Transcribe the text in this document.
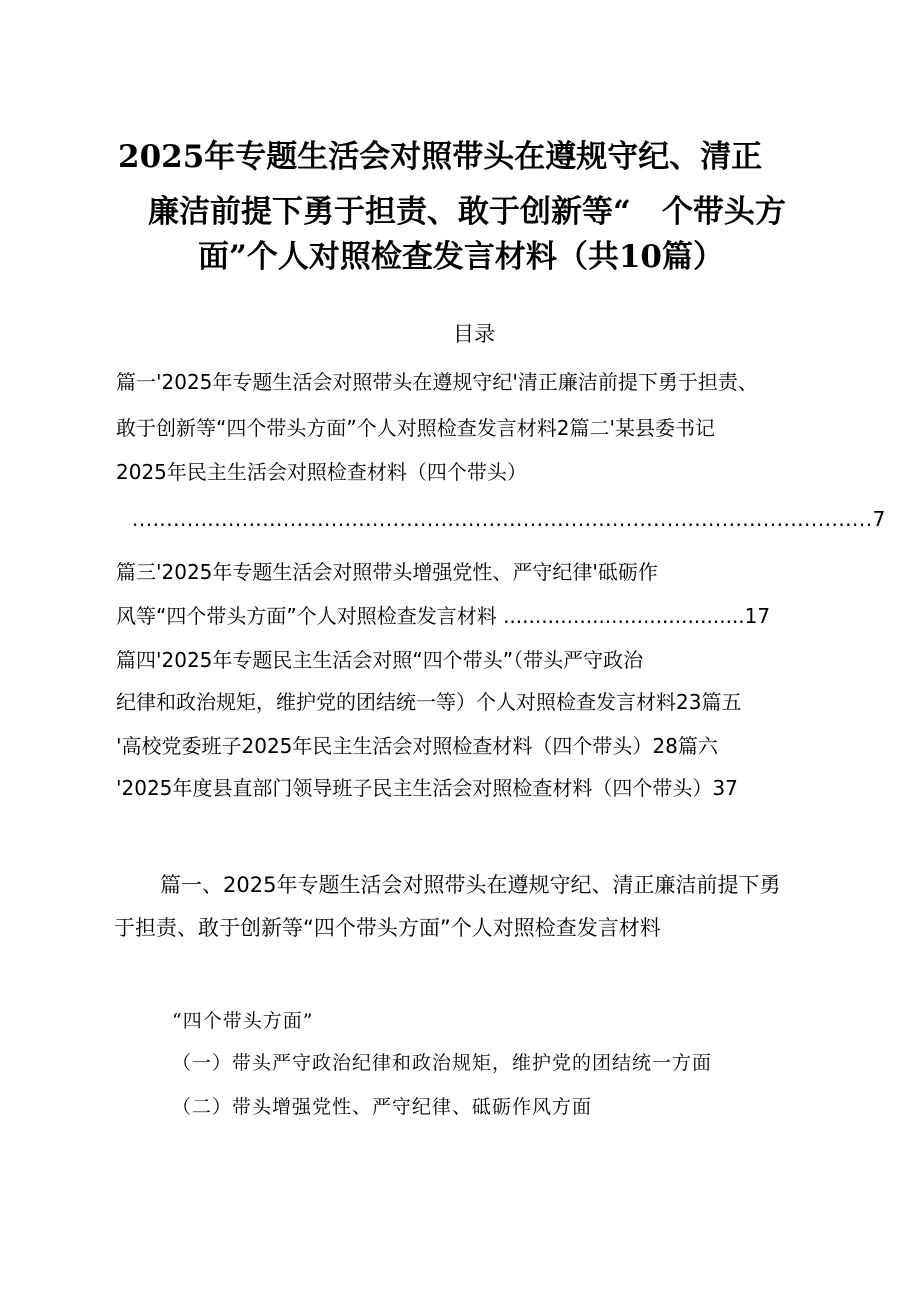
2025年专题生活会对照带头在遵规守纪、清正
廉洁前提下勇于担责、敢于创新等“　个带头方
面”个人对照检查发言材料（共10篇）
目录
篇一'2025年专题生活会对照带头在遵规守纪'清正廉洁前提下勇于担责、
敢于创新等“四个带头方面”个人对照检查发言材料2篇二'某县委书记
2025年民主生活会对照检查材料（四个带头）
............................................................................................................7
篇三'2025年专题生活会对照带头增强党性、严守纪律'砥砺作
风等“四个带头方面”个人对照检查发言材料 ......................................17
篇四'2025年专题民主生活会对照“四个带头”（带头严守政治
纪律和政治规矩，维护党的团结统一等）个人对照检查发言材料23篇五
'高校党委班子2025年民主生活会对照检查材料（四个带头）28篇六
'2025年度县直部门领导班子民主生活会对照检查材料（四个带头）37
篇一、2025年专题生活会对照带头在遵规守纪、清正廉洁前提下勇
于担责、敢于创新等“四个带头方面”个人对照检查发言材料
“四个带头方面”
（一）带头严守政治纪律和政治规矩，维护党的团结统一方面
（二）带头增强党性、严守纪律、砥砺作风方面
